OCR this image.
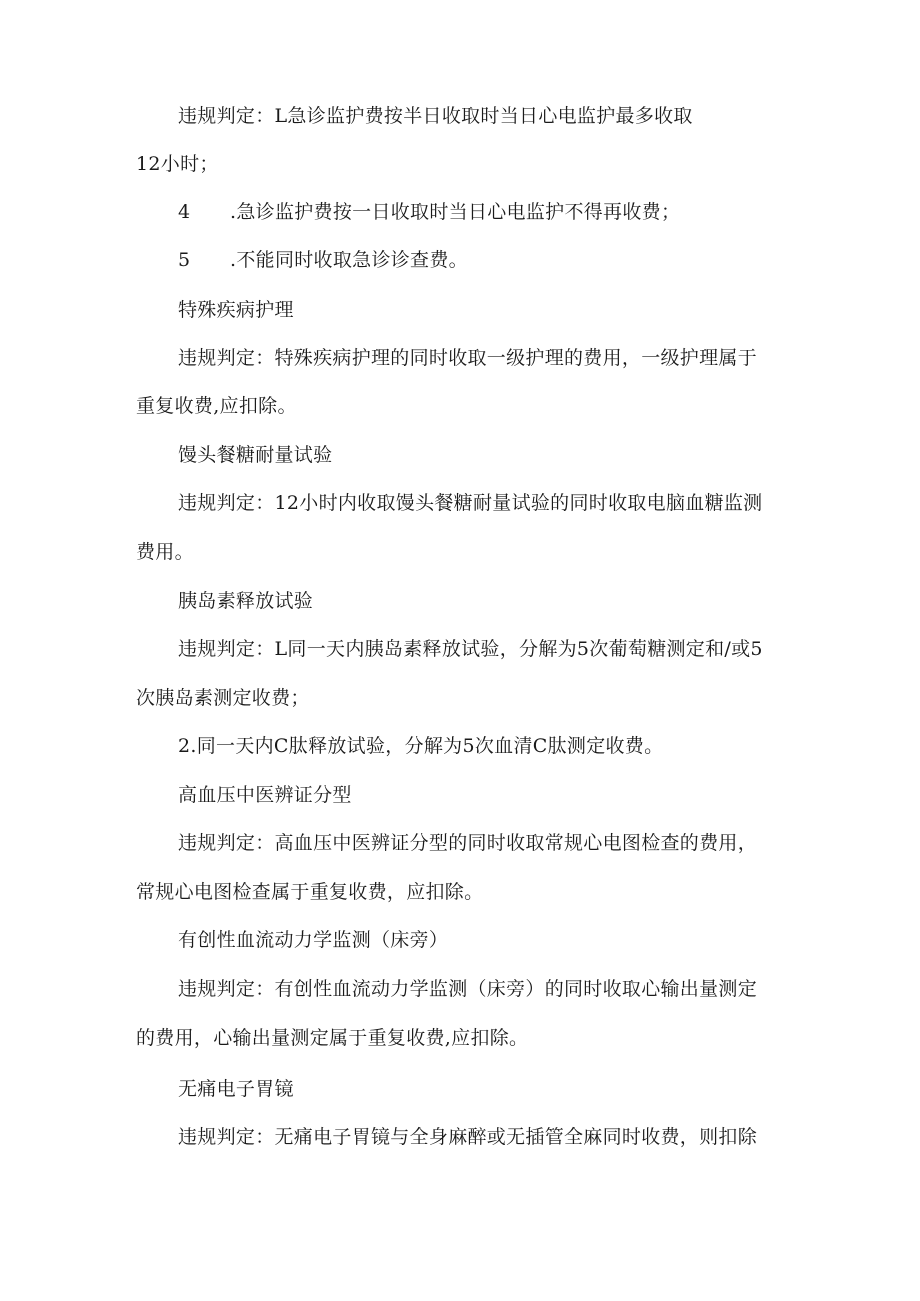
违规判定：L急诊监护费按半日收取时当日心电监护最多收取
12小时；
4 .急诊监护费按一日收取时当日心电监护不得再收费；
5 .不能同时收取急诊诊查费。
特殊疾病护理
违规判定：特殊疾病护理的同时收取一级护理的费用，一级护理属于
重复收费,应扣除。
馒头餐糖耐量试验
违规判定：12小时内收取馒头餐糖耐量试验的同时收取电脑血糖监测
费用。
胰岛素释放试验
违规判定：L同一天内胰岛素释放试验，分解为5次葡萄糖测定和/或5
次胰岛素测定收费；
2.同一天内C肽释放试验，分解为5次血清C肽测定收费。
高血压中医辨证分型
违规判定：高血压中医辨证分型的同时收取常规心电图检查的费用，
常规心电图检查属于重复收费，应扣除。
有创性血流动力学监测（床旁）
违规判定：有创性血流动力学监测（床旁）的同时收取心输出量测定
的费用，心输出量测定属于重复收费,应扣除。
无痛电子胃镜
违规判定：无痛电子胃镜与全身麻醉或无插管全麻同时收费，则扣除
